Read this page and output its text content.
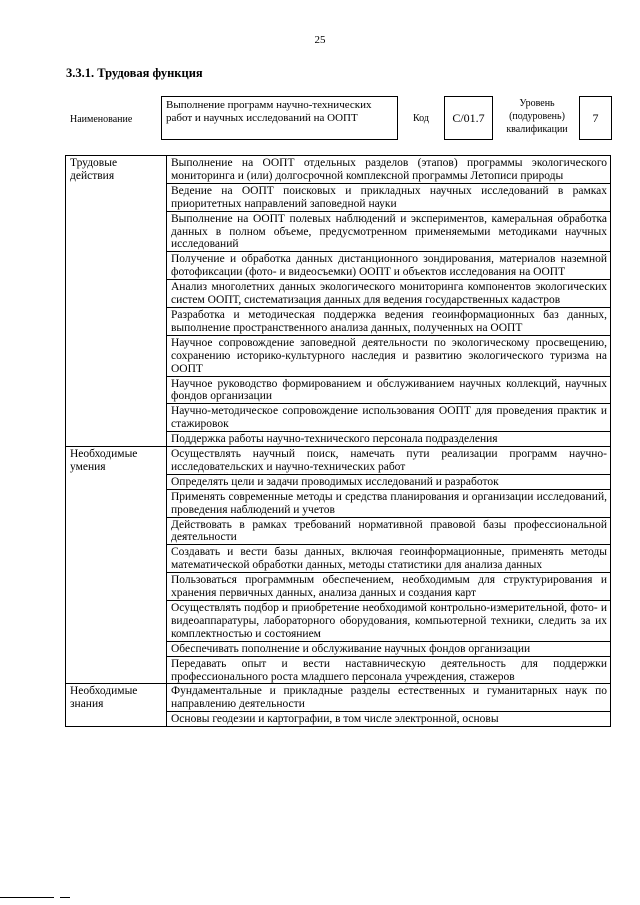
25
3.3.1. Трудовая функция
Наименование
Выполнение программ научно-технических работ и научных исследований на ООПТ	Код	С/01.7
Уровень (подуровень) квалификации
7
Трудовые действия	Выполнение на ООПТ отдельных разделов (этапов) программы экологического мониторинга и (или) долгосрочной комплексной программы Летописи природы
	Ведение на ООПТ поисковых и прикладных научных исследований в рамках приоритетных направлений заповедной науки
	Выполнение на ООПТ полевых наблюдений и экспериментов, камеральная обработка данных в полном объеме, предусмотренном применяемыми методиками научных исследований
	Получение и обработка данных дистанционного зондирования, материалов наземной фотофиксации (фото- и видеосъемки) ООПТ и объектов исследования на ООПТ
	Анализ многолетних данных экологического мониторинга компонентов экологических систем ООПТ, систематизация данных для ведения государственных кадастров
	Разработка и методическая поддержка ведения геоинформационных баз данных, выполнение пространственного анализа данных, полученных на ООПТ
	Научное сопровождение заповедной деятельности по экологическому просвещению, сохранению историко-культурного наследия и развитию экологического туризма на ООПТ
	Научное руководство формированием и обслуживанием научных коллекций, научных фондов организации
	Научно-методическое сопровождение использования ООПТ для проведения практик и стажировок
	Поддержка работы научно-технического персонала подразделения
Необходимые умения	Осуществлять научный поиск, намечать пути реализации программ научно-исследовательских и научно-технических работ
	Определять цели и задачи проводимых исследований и разработок
	Применять современные методы и средства планирования и организации исследований, проведения наблюдений и учетов
	Действовать в рамках требований нормативной правовой базы профессиональной деятельности
	Создавать и вести базы данных, включая геоинформационные, применять методы математической обработки данных, методы статистики для анализа данных
	Пользоваться программным обеспечением, необходимым для структурирования и хранения первичных данных, анализа данных и создания карт
	Осуществлять подбор и приобретение необходимой контрольно-измерительной, фото- и видеоаппаратуры, лабораторного оборудования, компьютерной техники, следить за их комплектностью и состоянием
	Обеспечивать пополнение и обслуживание научных фондов организации
	Передавать опыт и вести наставническую деятельность для поддержки профессионального роста младшего персонала учреждения, стажеров
Необходимые знания	Фундаментальные и прикладные разделы естественных и гуманитарных наук по направлению деятельности
	Основы геодезии и картографии, в том числе электронной, основы
